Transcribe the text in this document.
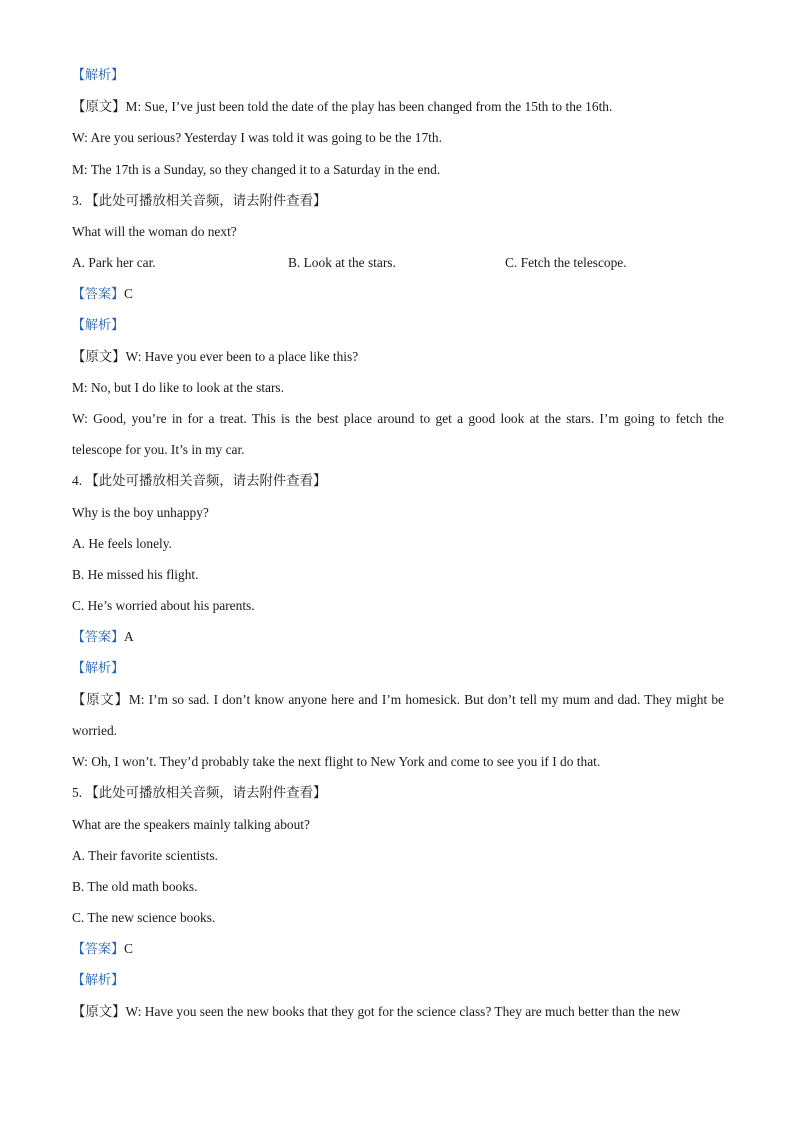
【解析】
【原文】M: Sue, I’ve just been told the date of the play has been changed from the 15th to the 16th.
W: Are you serious? Yesterday I was told it was going to be the 17th.
M: The 17th is a Sunday, so they changed it to a Saturday in the end.
3. 【此处可播放相关音频，请去附件查看】
What will the woman do next?
A. Park her car.	B. Look at the stars.	C. Fetch the telescope.
【答案】C
【解析】
【原文】W: Have you ever been to a place like this?
M: No, but I do like to look at the stars.
W: Good, you’re in for a treat. This is the best place around to get a good look at the stars. I’m going to fetch the telescope for you. It’s in my car.
4. 【此处可播放相关音频，请去附件查看】
Why is the boy unhappy?
A. He feels lonely.
B. He missed his flight.
C. He’s worried about his parents.
【答案】A
【解析】
【原文】M: I’m so sad. I don’t know anyone here and I’m homesick. But don’t tell my mum and dad. They might be worried.
W: Oh, I won’t. They’d probably take the next flight to New York and come to see you if I do that.
5. 【此处可播放相关音频，请去附件查看】
What are the speakers mainly talking about?
A. Their favorite scientists.
B. The old math books.
C. The new science books.
【答案】C
【解析】
【原文】W: Have you seen the new books that they got for the science class? They are much better than the new
